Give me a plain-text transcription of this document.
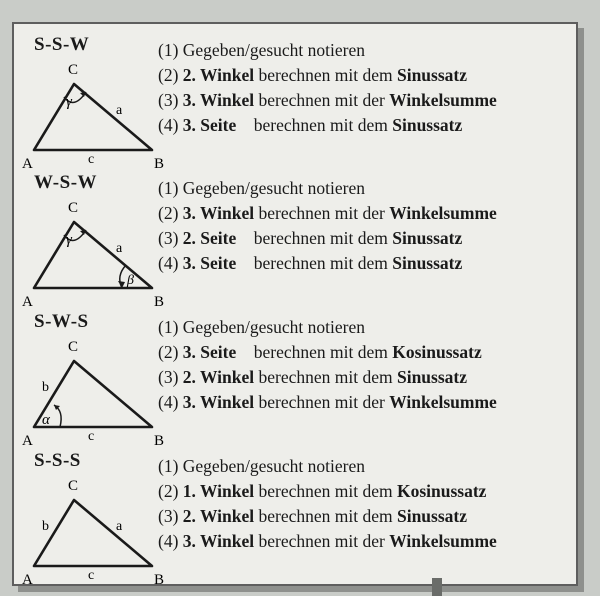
S-S-W
C
A	B
a
c
γ
(1) Gegeben/gesucht notieren
(2) 2. Winkel berechnen mit dem Sinussatz
(3) 3. Winkel berechnen mit der Winkelsumme
(4) 3. Seite    berechnen mit dem Sinussatz
W-S-W
C
A	B
a
γ
β
(1) Gegeben/gesucht notieren
(2) 3. Winkel berechnen mit der Winkelsumme
(3) 2. Seite    berechnen mit dem Sinussatz
(4) 3. Seite    berechnen mit dem Sinussatz
S-W-S
C
A	B
b
c
α
(1) Gegeben/gesucht notieren
(2) 3. Seite    berechnen mit dem Kosinussatz
(3) 2. Winkel berechnen mit dem Sinussatz
(4) 3. Winkel berechnen mit der Winkelsumme
S-S-S
C
A	B
a
b
c
(1) Gegeben/gesucht notieren
(2) 1. Winkel berechnen mit dem Kosinussatz
(3) 2. Winkel berechnen mit dem Sinussatz
(4) 3. Winkel berechnen mit der Winkelsumme
